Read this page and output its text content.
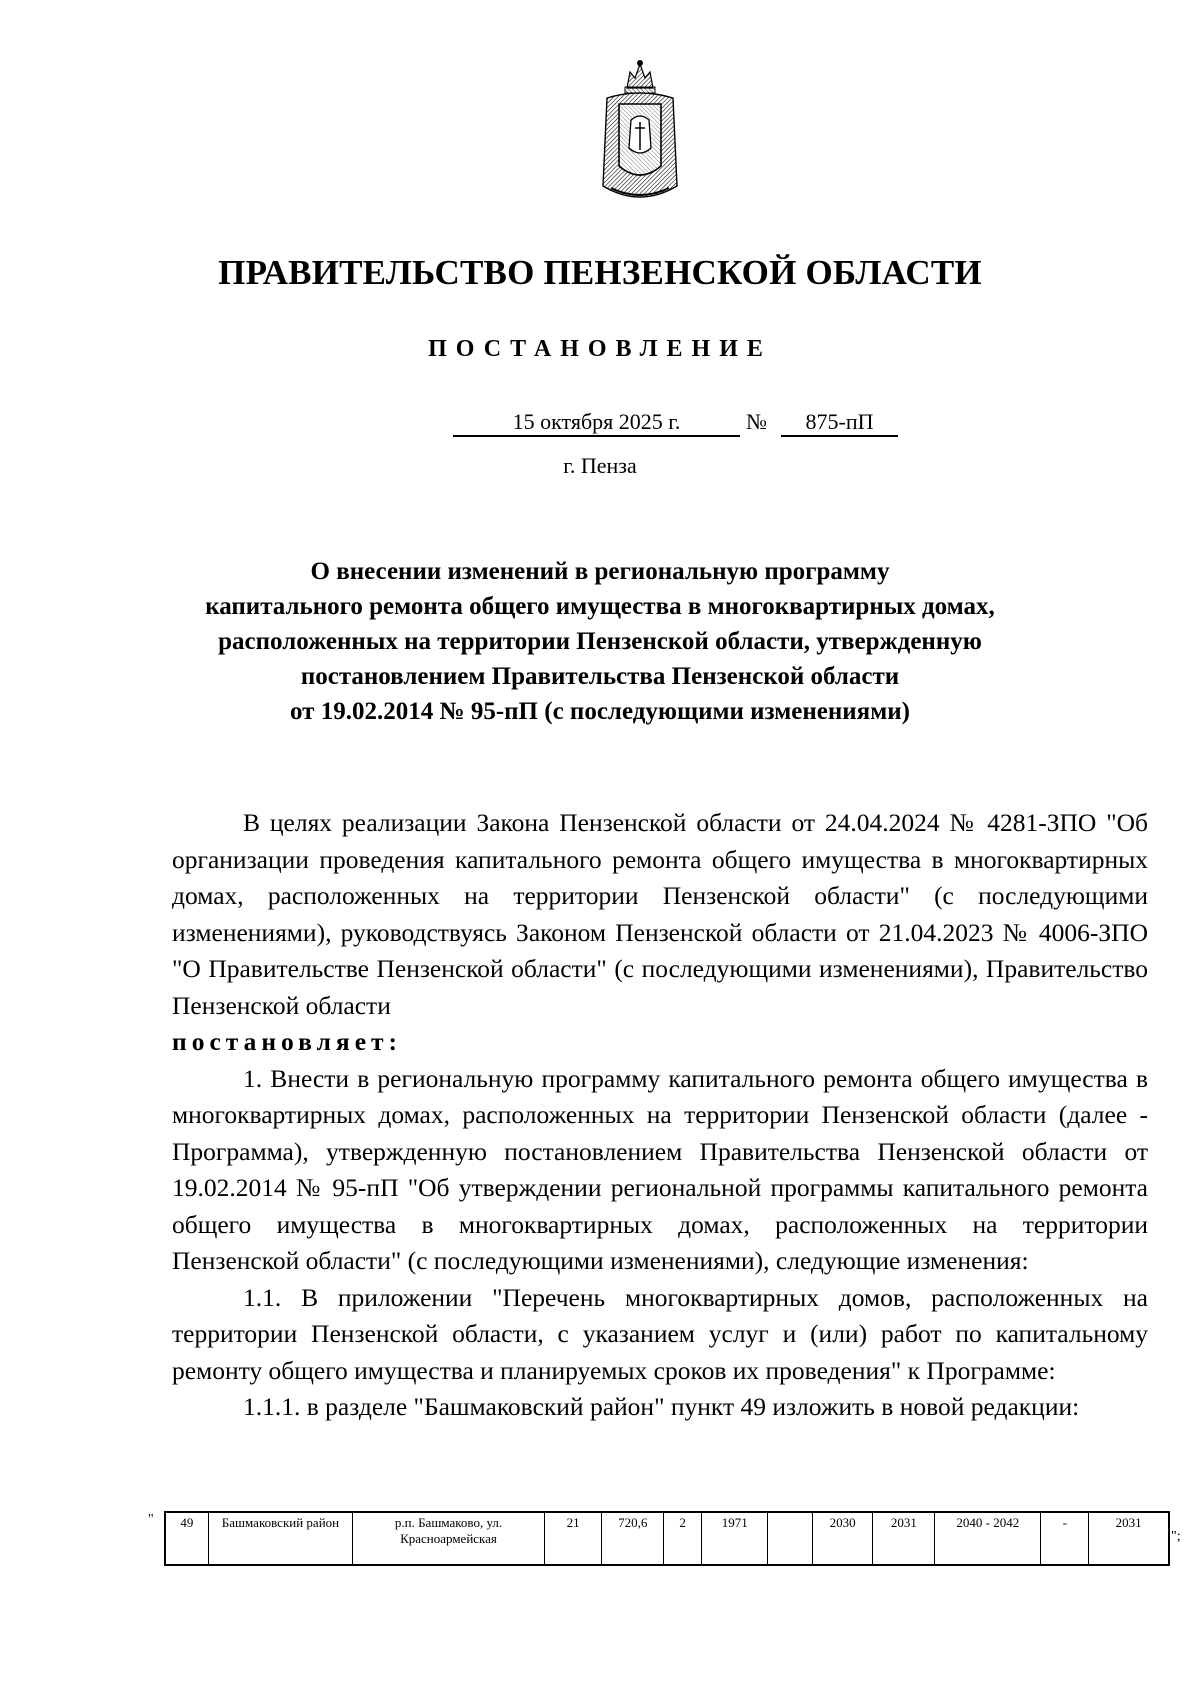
ПРАВИТЕЛЬСТВО ПЕНЗЕНСКОЙ ОБЛАСТИ
ПОСТАНОВЛЕНИЕ
15 октября 2025 г.	№	875-пП
г. Пенза
О внесении изменений в региональную программу
капитального ремонта общего имущества в многоквартирных домах,
расположенных на территории Пензенской области, утвержденную
постановлением Правительства Пензенской области
от 19.02.2014 № 95-пП (с последующими изменениями)

В целях реализации Закона Пензенской области от 24.04.2024 № 4281-ЗПО "Об организации проведения капитального ремонта общего имущества в многоквартирных домах, расположенных на территории Пензенской области" (с последующими изменениями), руководствуясь Законом Пензенской области от 21.04.2023 № 4006-ЗПО "О Правительстве Пензенской области" (с последующими изменениями), Правительство Пензенской области

постановляет:

1. Внести в региональную программу капитального ремонта общего имущества в многоквартирных домах, расположенных на территории Пензенской области (далее - Программа), утвержденную постановлением Правительства Пензенской области от 19.02.2014 № 95-пП "Об утверждении региональной программы капитального ремонта общего имущества в многоквартирных домах, расположенных на территории Пензенской области" (с последующими изменениями), следующие изменения:

1.1. В приложении "Перечень многоквартирных домов, расположенных на территории Пензенской области, с указанием услуг и (или) работ по капитальному ремонту общего имущества и планируемых сроков их проведения" к Программе:

1.1.1. в разделе "Башмаковский район" пункт 49 изложить в новой редакции:

" 49	Башмаковский район	р.п. Башмаково, ул. Красноармейская	21	720,6	2	1971		2030	2031	2040 - 2042	-	2031
";
